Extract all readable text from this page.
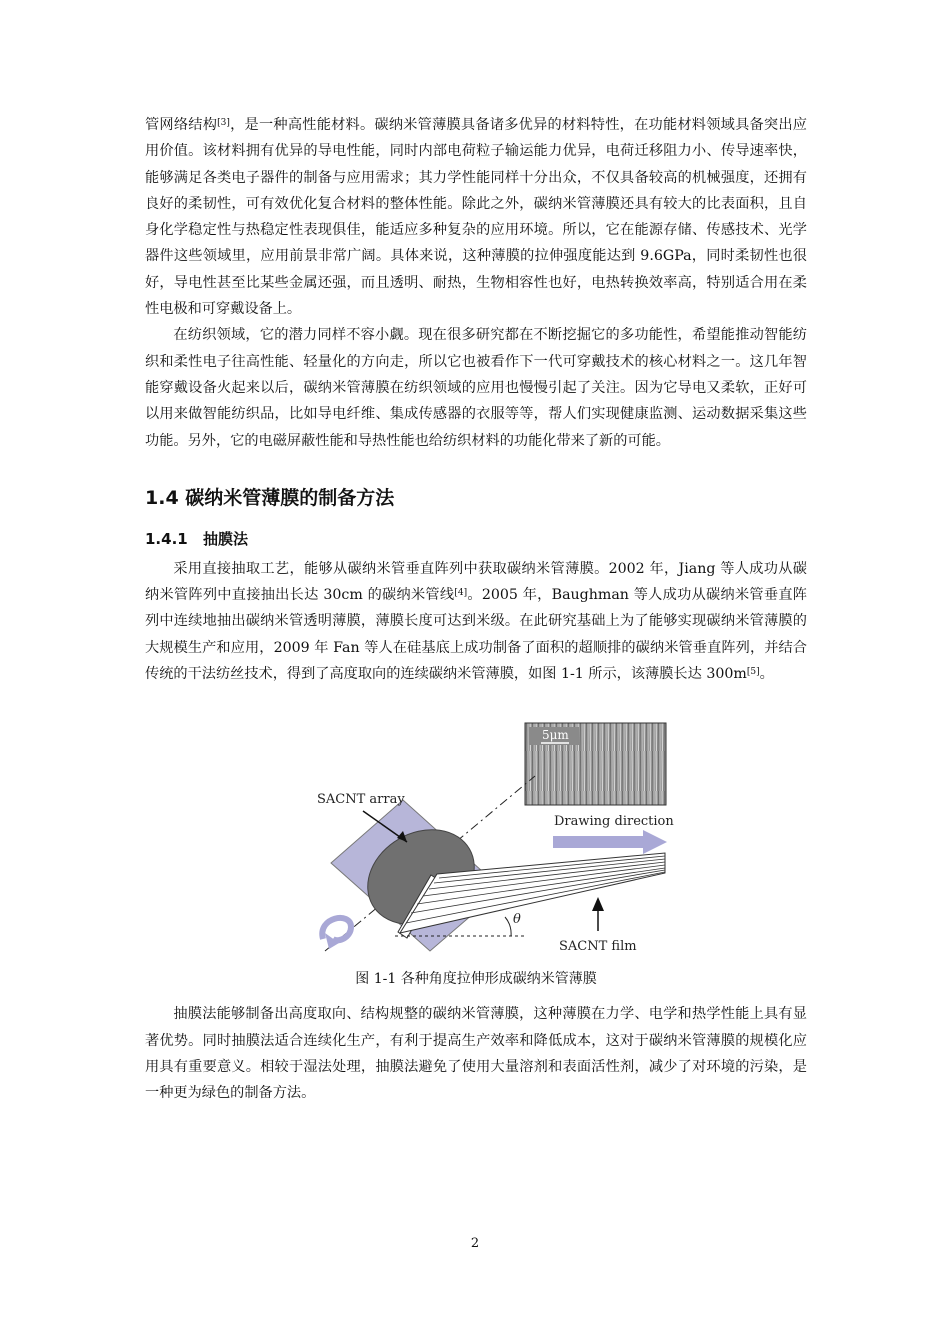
管网络结构[3]，是一种高性能材料。碳纳米管薄膜具备诸多优异的材料特性，在功能材料领域具备突出应用价值。该材料拥有优异的导电性能，同时内部电荷粒子输运能力优异，电荷迁移阻力小、传导速率快，能够满足各类电子器件的制备与应用需求；其力学性能同样十分出众，不仅具备较高的机械强度，还拥有良好的柔韧性，可有效优化复合材料的整体性能。除此之外，碳纳米管薄膜还具有较大的比表面积，且自身化学稳定性与热稳定性表现俱佳，能适应多种复杂的应用环境。所以，它在能源存储、传感技术、光学器件这些领域里，应用前景非常广阔。具体来说，这种薄膜的拉伸强度能达到 9.6GPa，同时柔韧性也很好，导电性甚至比某些金属还强，而且透明、耐热，生物相容性也好，电热转换效率高，特别适合用在柔性电极和可穿戴设备上。

在纺织领域，它的潜力同样不容小觑。现在很多研究都在不断挖掘它的多功能性，希望能推动智能纺织和柔性电子往高性能、轻量化的方向走，所以它也被看作下一代可穿戴技术的核心材料之一。这几年智能穿戴设备火起来以后，碳纳米管薄膜在纺织领域的应用也慢慢引起了关注。因为它导电又柔软，正好可以用来做智能纺织品，比如导电纤维、集成传感器的衣服等等，帮人们实现健康监测、运动数据采集这些功能。另外，它的电磁屏蔽性能和导热性能也给纺织材料的功能化带来了新的可能。

1.4 碳纳米管薄膜的制备方法
1.4.1 抽膜法

采用直接抽取工艺，能够从碳纳米管垂直阵列中获取碳纳米管薄膜。2002 年，Jiang 等人成功从碳纳米管阵列中直接抽出长达 30cm 的碳纳米管线[4]。2005 年，Baughman 等人成功从碳纳米管垂直阵列中连续地抽出碳纳米管透明薄膜，薄膜长度可达到米级。在此研究基础上为了能够实现碳纳米管薄膜的大规模生产和应用，2009 年 Fan 等人在硅基底上成功制备了面积的超顺排的碳纳米管垂直阵列，并结合传统的干法纺丝技术，得到了高度取向的连续碳纳米管薄膜，如图 1-1 所示，该薄膜长达 300m[5]。

5μm
θ
Drawing direction
SACNT film
SACNT array

图 1-1 各种角度拉伸形成碳纳米管薄膜

抽膜法能够制备出高度取向、结构规整的碳纳米管薄膜，这种薄膜在力学、电学和热学性能上具有显著优势。同时抽膜法适合连续化生产，有利于提高生产效率和降低成本，这对于碳纳米管薄膜的规模化应用具有重要意义。相较于湿法处理，抽膜法避免了使用大量溶剂和表面活性剂，减少了对环境的污染，是一种更为绿色的制备方法。

2
